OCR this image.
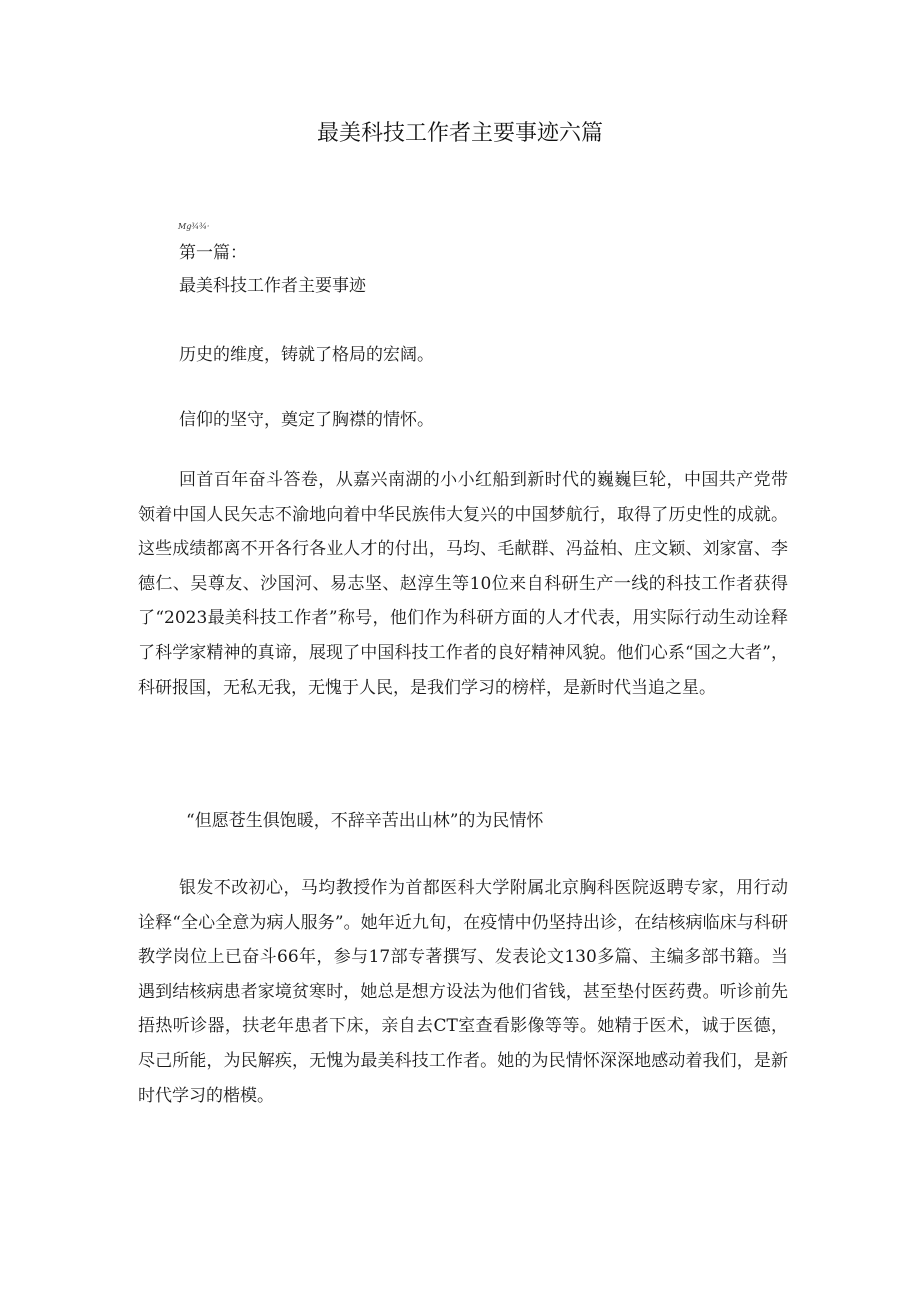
最美科技工作者主要事迹六篇
Mg¾¾·

第一篇：

最美科技工作者主要事迹

历史的维度，铸就了格局的宏阔。

信仰的坚守，奠定了胸襟的情怀。

回首百年奋斗答卷，从嘉兴南湖的小小红船到新时代的巍巍巨轮，中国共产党带领着中国人民矢志不渝地向着中华民族伟大复兴的中国梦航行，取得了历史性的成就。这些成绩都离不开各行各业人才的付出，马均、毛献群、冯益柏、庄文颖、刘家富、李德仁、吴尊友、沙国河、易志坚、赵淳生等10位来自科研生产一线的科技工作者获得了“2023最美科技工作者”称号，他们作为科研方面的人才代表，用实际行动生动诠释了科学家精神的真谛，展现了中国科技工作者的良好精神风貌。他们心系“国之大者”，科研报国，无私无我，无愧于人民，是我们学习的榜样，是新时代当追之星。

“但愿苍生俱饱暖，不辞辛苦出山林”的为民情怀

银发不改初心，马均教授作为首都医科大学附属北京胸科医院返聘专家，用行动诠释“全心全意为病人服务”。她年近九旬，在疫情中仍坚持出诊，在结核病临床与科研教学岗位上已奋斗66年，参与17部专著撰写、发表论文130多篇、主编多部书籍。当遇到结核病患者家境贫寒时，她总是想方设法为他们省钱，甚至垫付医药费。听诊前先捂热听诊器，扶老年患者下床，亲自去CT室查看影像等等。她精于医术，诚于医德，尽己所能，为民解疾，无愧为最美科技工作者。她的为民情怀深深地感动着我们，是新时代学习的楷模。
